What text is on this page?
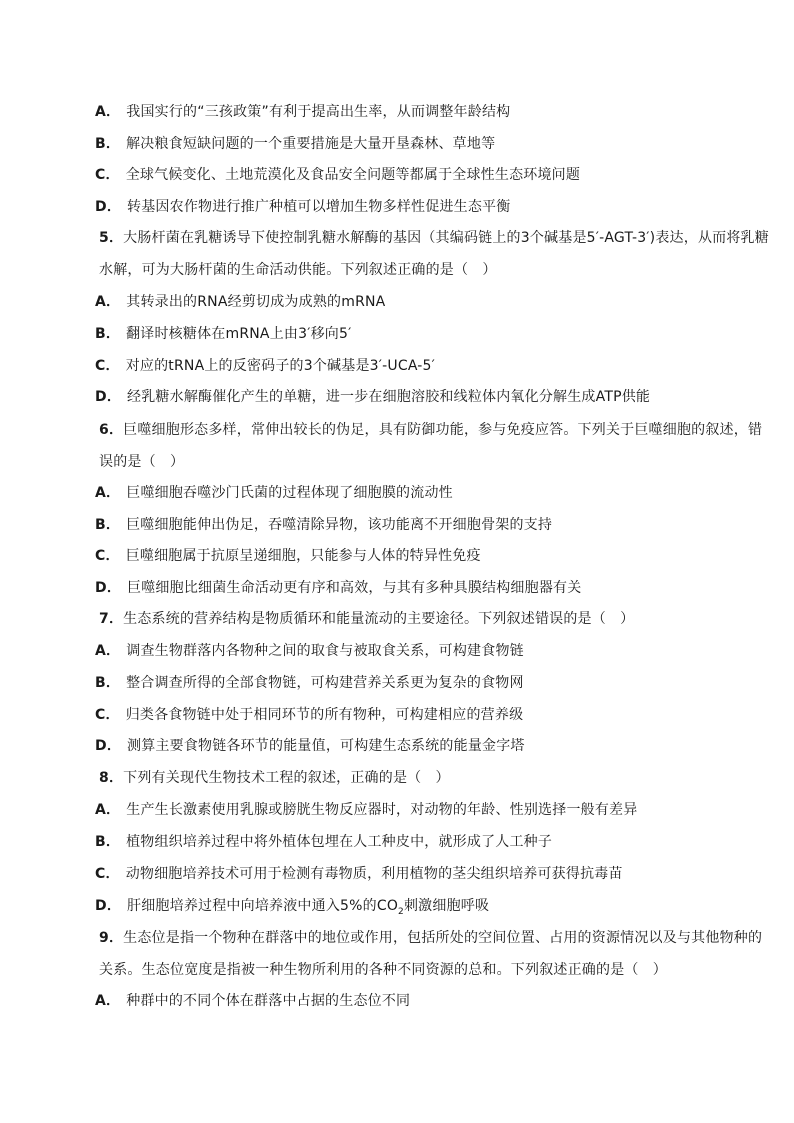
A． 我国实行的“三孩政策”有利于提高出生率，从而调整年龄结构
B． 解决粮食短缺问题的一个重要措施是大量开垦森林、草地等
C． 全球气候变化、土地荒漠化及食品安全问题等都属于全球性生态环境问题
D． 转基因农作物进行推广种植可以增加生物多样性促进生态平衡
5．大肠杆菌在乳糖诱导下使控制乳糖水解酶的基因（其编码链上的3个碱基是5′-AGT-3′)表达，从而将乳糖
水解，可为大肠杆菌的生命活动供能。下列叙述正确的是（　）
A． 其转录出的RNA经剪切成为成熟的mRNA
B． 翻译时核糖体在mRNA上由3′移向5′
C． 对应的tRNA上的反密码子的3个碱基是3′-UCA-5′
D． 经乳糖水解酶催化产生的单糖，进一步在细胞溶胶和线粒体内氧化分解生成ATP供能
6．巨噬细胞形态多样，常伸出较长的伪足，具有防御功能，参与免疫应答。下列关于巨噬细胞的叙述，错
误的是（　）
A． 巨噬细胞吞噬沙门氏菌的过程体现了细胞膜的流动性
B． 巨噬细胞能伸出伪足，吞噬清除异物，该功能离不开细胞骨架的支持
C． 巨噬细胞属于抗原呈递细胞，只能参与人体的特异性免疫
D． 巨噬细胞比细菌生命活动更有序和高效，与其有多种具膜结构细胞器有关
7．生态系统的营养结构是物质循环和能量流动的主要途径。下列叙述错误的是（　）
A． 调查生物群落内各物种之间的取食与被取食关系，可构建食物链
B． 整合调查所得的全部食物链，可构建营养关系更为复杂的食物网
C． 归类各食物链中处于相同环节的所有物种，可构建相应的营养级
D． 测算主要食物链各环节的能量值，可构建生态系统的能量金字塔
8．下列有关现代生物技术工程的叙述，正确的是（　）
A． 生产生长激素使用乳腺或膀胱生物反应器时，对动物的年龄、性别选择一般有差异
B． 植物组织培养过程中将外植体包埋在人工种皮中，就形成了人工种子
C． 动物细胞培养技术可用于检测有毒物质，利用植物的茎尖组织培养可获得抗毒苗
D． 肝细胞培养过程中向培养液中通入5%的$CO_2$刺激细胞呼吸
9．生态位是指一个物种在群落中的地位或作用，包括所处的空间位置、占用的资源情况以及与其他物种的
关系。生态位宽度是指被一种生物所利用的各种不同资源的总和。下列叙述正确的是（　）
A． 种群中的不同个体在群落中占据的生态位不同
